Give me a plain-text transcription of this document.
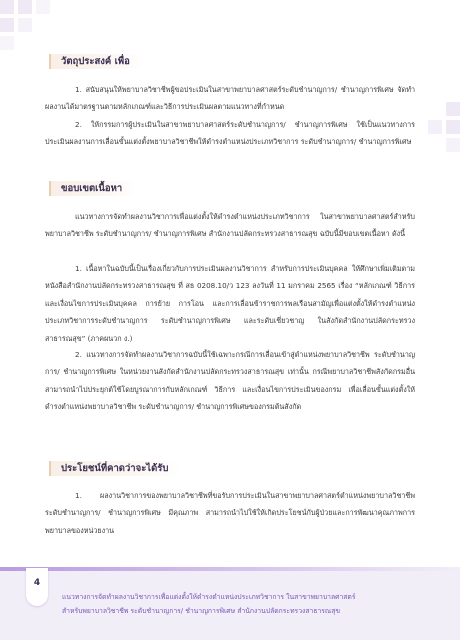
วัตถุประสงค์ เพื่อ

1. สนับสนุนให้พยาบาลวิชาชีพผู้ขอประเมินในสาขาพยาบาลศาสตร์ระดับชำนาญการ/ ชำนาญการพิเศษ จัดทำผลงานได้มาตรฐานตามหลักเกณฑ์และวิธีการประเมินผลตามแนวทางที่กำหนด

2. ให้กรรมการผู้ประเมินในสาขาพยาบาลศาสตร์ระดับชำนาญการ/ ชำนาญการพิเศษ ใช้เป็นแนวทางการประเมินผลงานการเลื่อนขั้นแต่งตั้งพยาบาลวิชาชีพให้ดำรงตำแหน่งประเภทวิชาการ ระดับชำนาญการ/ ชำนาญการพิเศษ

ขอบเขตเนื้อหา

แนวทางการจัดทำผลงานวิชาการเพื่อแต่งตั้งให้ดำรงตำแหน่งประเภทวิชาการ ในสาขาพยาบาลศาสตร์สำหรับพยาบาลวิชาชีพ ระดับชำนาญการ/ ชำนาญการพิเศษ สำนักงานปลัดกระทรวงสาธารณสุข ฉบับนี้มีขอบเขตเนื้อหา ดังนี้

1. เนื้อหาในฉบับนี้เป็นเรื่องเกี่ยวกับการประเมินผลงานวิชาการ สำหรับการประเมินบุคคล ให้ศึกษาเพิ่มเติมตามหนังสือสำนักงานปลัดกระทรวงสาธารณสุข ที่ สธ 0208.10/ว 123 ลงวันที่ 11 มกราคม 2565 เรื่อง “หลักเกณฑ์ วิธีการ และเงื่อนไขการประเมินบุคคล การย้าย การโอน และการเลื่อนข้าราชการพลเรือนสามัญเพื่อแต่งตั้งให้ดำรงตำแหน่งประเภทวิชาการระดับชำนาญการ ระดับชำนาญการพิเศษ และระดับเชี่ยวชาญ ในสังกัดสำนักงานปลัดกระทรวงสาธารณสุข” (ภาคผนวก ง.)

2. แนวทางการจัดทำผลงานวิชาการฉบับนี้ใช้เฉพาะกรณีการเลื่อนเข้าสู่ตำแหน่งพยาบาลวิชาชีพ ระดับชำนาญการ/ ชำนาญการพิเศษ ในหน่วยงานสังกัดสำนักงานปลัดกระทรวงสาธารณสุข เท่านั้น กรณีพยาบาลวิชาชีพสังกัดกรมอื่นสามารถนำไปประยุกต์ใช้โดยบูรณาการกับหลักเกณฑ์ วิธีการ และเงื่อนไขการประเมินของกรม เพื่อเลื่อนขั้นแต่งตั้งให้ดำรงตำแหน่งพยาบาลวิชาชีพ ระดับชำนาญการ/ ชำนาญการพิเศษของกรมต้นสังกัด

ประโยชน์ที่คาดว่าจะได้รับ

1. ผลงานวิชาการของพยาบาลวิชาชีพที่ขอรับการประเมินในสาขาพยาบาลศาสตร์ตำแหน่งพยาบาลวิชาชีพระดับชำนาญการ/ ชำนาญการพิเศษ มีคุณภาพ สามารถนำไปใช้ให้เกิดประโยชน์กับผู้ป่วยและการพัฒนาคุณภาพการพยาบาลของหน่วยงาน

4

แนวทางการจัดทำผลงานวิชาการเพื่อแต่งตั้งให้ดำรงตำแหน่งประเภทวิชาการ ในสาขาพยาบาลศาสตร์

สำหรับพยาบาลวิชาชีพ ระดับชำนาญการ/ ชำนาญการพิเศษ สำนักงานปลัดกระทรวงสาธารณสุข
